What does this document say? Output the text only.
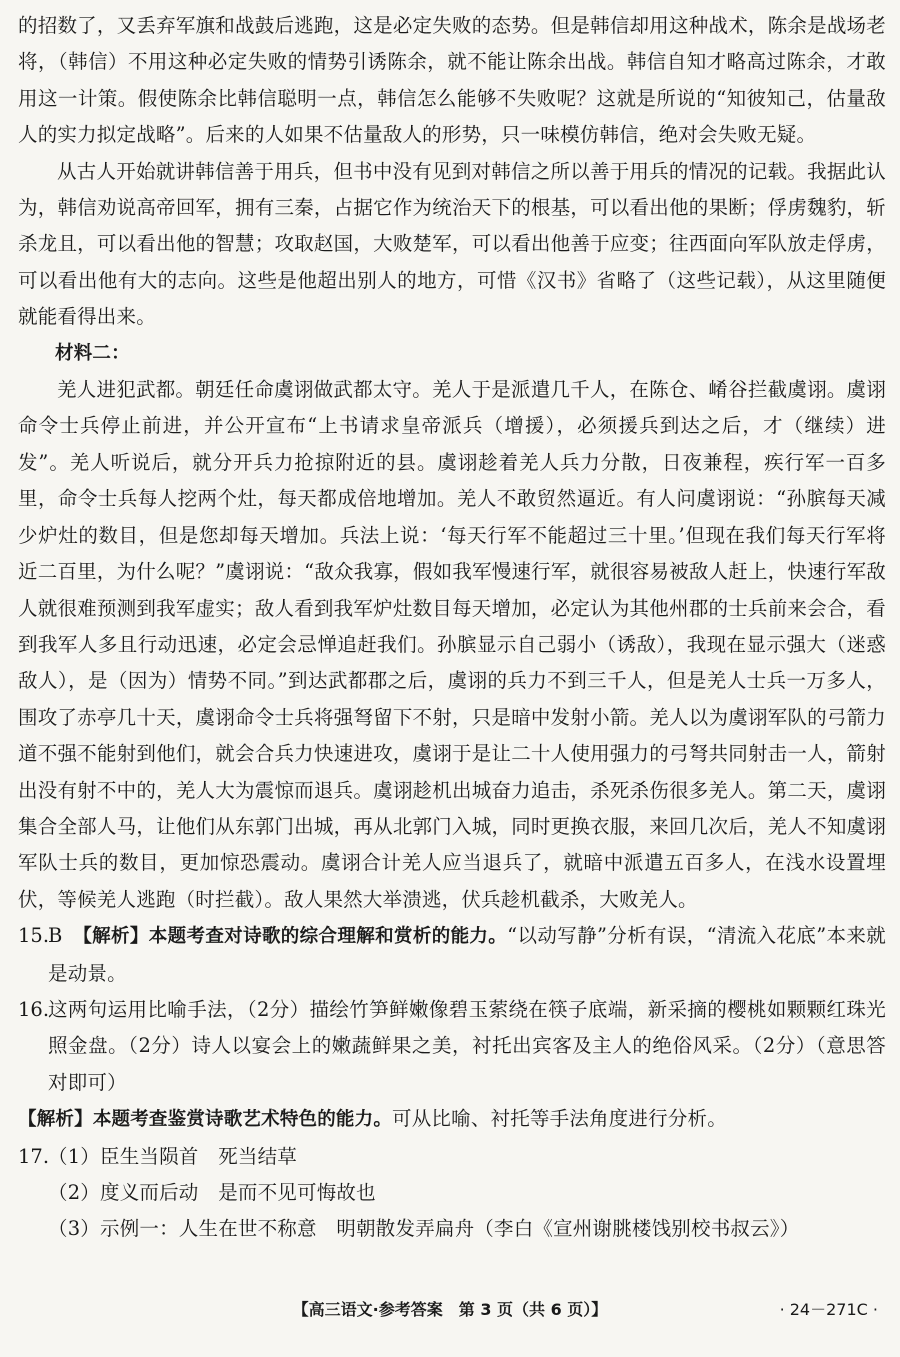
的招数了，又丢弃军旗和战鼓后逃跑，这是必定失败的态势。但是韩信却用这种战术，陈余是战场老将，（韩信）不用这种必定失败的情势引诱陈余，就不能让陈余出战。韩信自知才略高过陈余，才敢用这一计策。假使陈余比韩信聪明一点，韩信怎么能够不失败呢？这就是所说的“知彼知己，估量敌人的实力拟定战略”。后来的人如果不估量敌人的形势，只一味模仿韩信，绝对会失败无疑。

从古人开始就讲韩信善于用兵，但书中没有见到对韩信之所以善于用兵的情况的记载。我据此认为，韩信劝说高帝回军，拥有三秦，占据它作为统治天下的根基，可以看出他的果断；俘虏魏豹，斩杀龙且，可以看出他的智慧；攻取赵国，大败楚军，可以看出他善于应变；往西面向军队放走俘虏，可以看出他有大的志向。这些是他超出别人的地方，可惜《汉书》省略了（这些记载），从这里随便就能看得出来。

材料二：

羌人进犯武都。朝廷任命虞诩做武都太守。羌人于是派遣几千人，在陈仓、崤谷拦截虞诩。虞诩命令士兵停止前进，并公开宣布“上书请求皇帝派兵（增援），必须援兵到达之后，才（继续）进发”。羌人听说后，就分开兵力抢掠附近的县。虞诩趁着羌人兵力分散，日夜兼程，疾行军一百多里，命令士兵每人挖两个灶，每天都成倍地增加。羌人不敢贸然逼近。有人问虞诩说：“孙膑每天减少炉灶的数目，但是您却每天增加。兵法上说：‘每天行军不能超过三十里。’但现在我们每天行军将近二百里，为什么呢？”虞诩说：“敌众我寡，假如我军慢速行军，就很容易被敌人赶上，快速行军敌人就很难预测到我军虚实；敌人看到我军炉灶数目每天增加，必定认为其他州郡的士兵前来会合，看到我军人多且行动迅速，必定会忌惮追赶我们。孙膑显示自己弱小（诱敌），我现在显示强大（迷惑敌人），是（因为）情势不同。”到达武都郡之后，虞诩的兵力不到三千人，但是羌人士兵一万多人，围攻了赤亭几十天，虞诩命令士兵将强弩留下不射，只是暗中发射小箭。羌人以为虞诩军队的弓箭力道不强不能射到他们，就会合兵力快速进攻，虞诩于是让二十人使用强力的弓弩共同射击一人，箭射出没有射不中的，羌人大为震惊而退兵。虞诩趁机出城奋力追击，杀死杀伤很多羌人。第二天，虞诩集合全部人马，让他们从东郭门出城，再从北郭门入城，同时更换衣服，来回几次后，羌人不知虞诩军队士兵的数目，更加惊恐震动。虞诩合计羌人应当退兵了，就暗中派遣五百多人，在浅水设置埋伏，等候羌人逃跑（时拦截）。敌人果然大举溃逃，伏兵趁机截杀，大败羌人。

15.

B　 【解析】本题考查对诗歌的综合理解和赏析的能力。“以动写静”分析有误，“清流入花底”本来就是动景。

16.

这两句运用比喻手法，（2分）描绘竹笋鲜嫩像碧玉萦绕在筷子底端，新采摘的樱桃如颗颗红珠光照金盘。（2分）诗人以宴会上的嫩蔬鲜果之美，衬托出宾客及主人的绝俗风采。（2分）（意思答对即可）

【解析】本题考查鉴赏诗歌艺术特色的能力。可从比喻、衬托等手法角度进行分析。

17.

（1）臣生当陨首　死当结草

（2）度义而后动　是而不见可悔故也

（3）示例一：人生在世不称意　明朝散发弄扁舟（李白《宣州谢朓楼饯别校书叔云》）

【高三语文·参考答案　第 3 页（共 6 页）】	· 24－271C ·
